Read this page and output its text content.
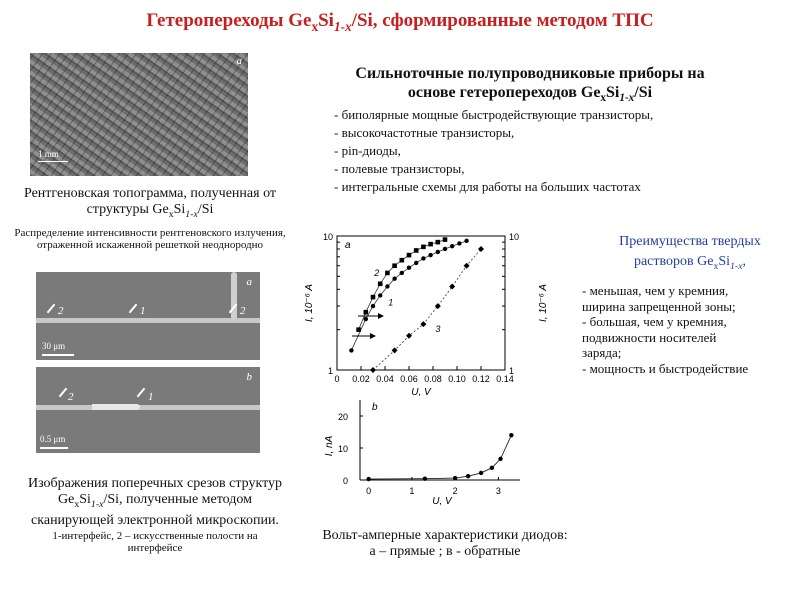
Гетеропереходы $Ge_xSi_{1-x}/Si$, сформированные методом ТПС
a
1 mm
Рентгеновская топограмма, полученная от
структуры $Ge_xSi_{1-x}/Si$
Распределение интенсивности рентгеновского излучения, отраженной искаженной решеткой неоднородно
a
2	1	2
30 μm
b
2	1
0.5 μm
Изображения поперечных срезов структур
$Ge_xSi_{1-x}/Si$, полученные методом
сканирующей электронной микроскопии.
1-интерфейс, 2 – искусственные полости на интерфейсе
Сильноточные полупроводниковые приборы на
основе гетеропереходов $Ge_xSi_{1-x}/Si$
- биполярные мощные быстродействующие транзисторы,
- высокочастотные транзисторы,
- pin-диоды,
- полевые транзисторы,
- интегральные схемы для работы на больших частотах
Преимущества твердых
растворов $Ge_xSi_{1-x}$,
- меньшая, чем у кремния,
ширина запрещенной зоны;
- большая, чем у кремния,
подвижности носителей
заряда;
- мощность и быстродействие
0 0.02 0.04 0.06 0.08 0.10 0.12 0.14
10	10
1	1
U, V
I, 10⁻⁶ A	I, 10⁻⁶ A
a
1
2
3
0	1	2	3
0
10
20
U, V
I, nA
b
Вольт-амперные характеристики диодов:
а – прямые ; в - обратные
